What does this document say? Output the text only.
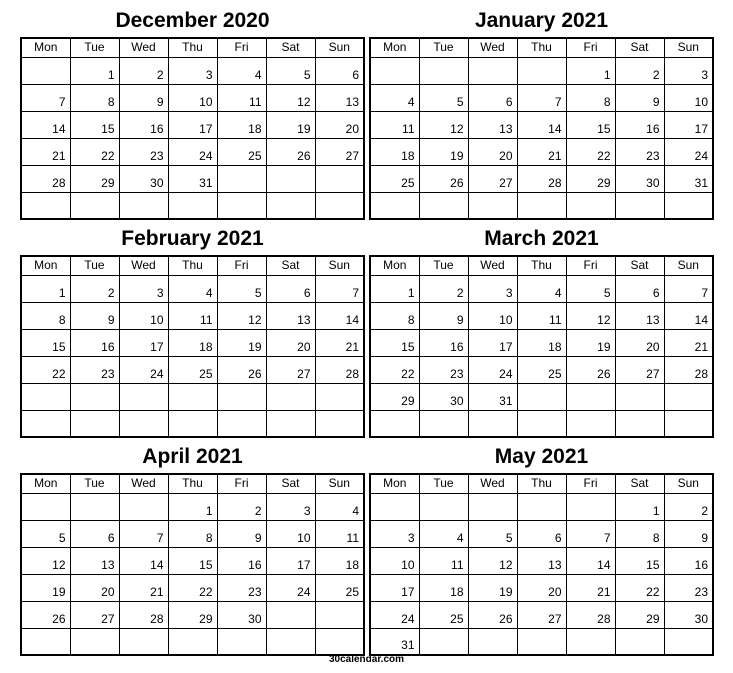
December 2020
Mon	Tue	Wed	Thu	Fri	Sat	Sun
	1	2	3	4	5	6
7	8	9	10	11	12	13
14	15	16	17	18	19	20
21	22	23	24	25	26	27
28	29	30	31			

January 2021
Mon	Tue	Wed	Thu	Fri	Sat	Sun
				1	2	3
4	5	6	7	8	9	10
11	12	13	14	15	16	17
18	19	20	21	22	23	24
25	26	27	28	29	30	31

February 2021
Mon	Tue	Wed	Thu	Fri	Sat	Sun
1	2	3	4	5	6	7
8	9	10	11	12	13	14
15	16	17	18	19	20	21
22	23	24	25	26	27	28

March 2021
Mon	Tue	Wed	Thu	Fri	Sat	Sun
1	2	3	4	5	6	7
8	9	10	11	12	13	14
15	16	17	18	19	20	21
22	23	24	25	26	27	28
29	30	31				

April 2021
Mon	Tue	Wed	Thu	Fri	Sat	Sun
			1	2	3	4
5	6	7	8	9	10	11
12	13	14	15	16	17	18
19	20	21	22	23	24	25
26	27	28	29	30		

May 2021
Mon	Tue	Wed	Thu	Fri	Sat	Sun
					1	2
3	4	5	6	7	8	9
10	11	12	13	14	15	16
17	18	19	20	21	22	23
24	25	26	27	28	29	30
31						
30calendar.com
